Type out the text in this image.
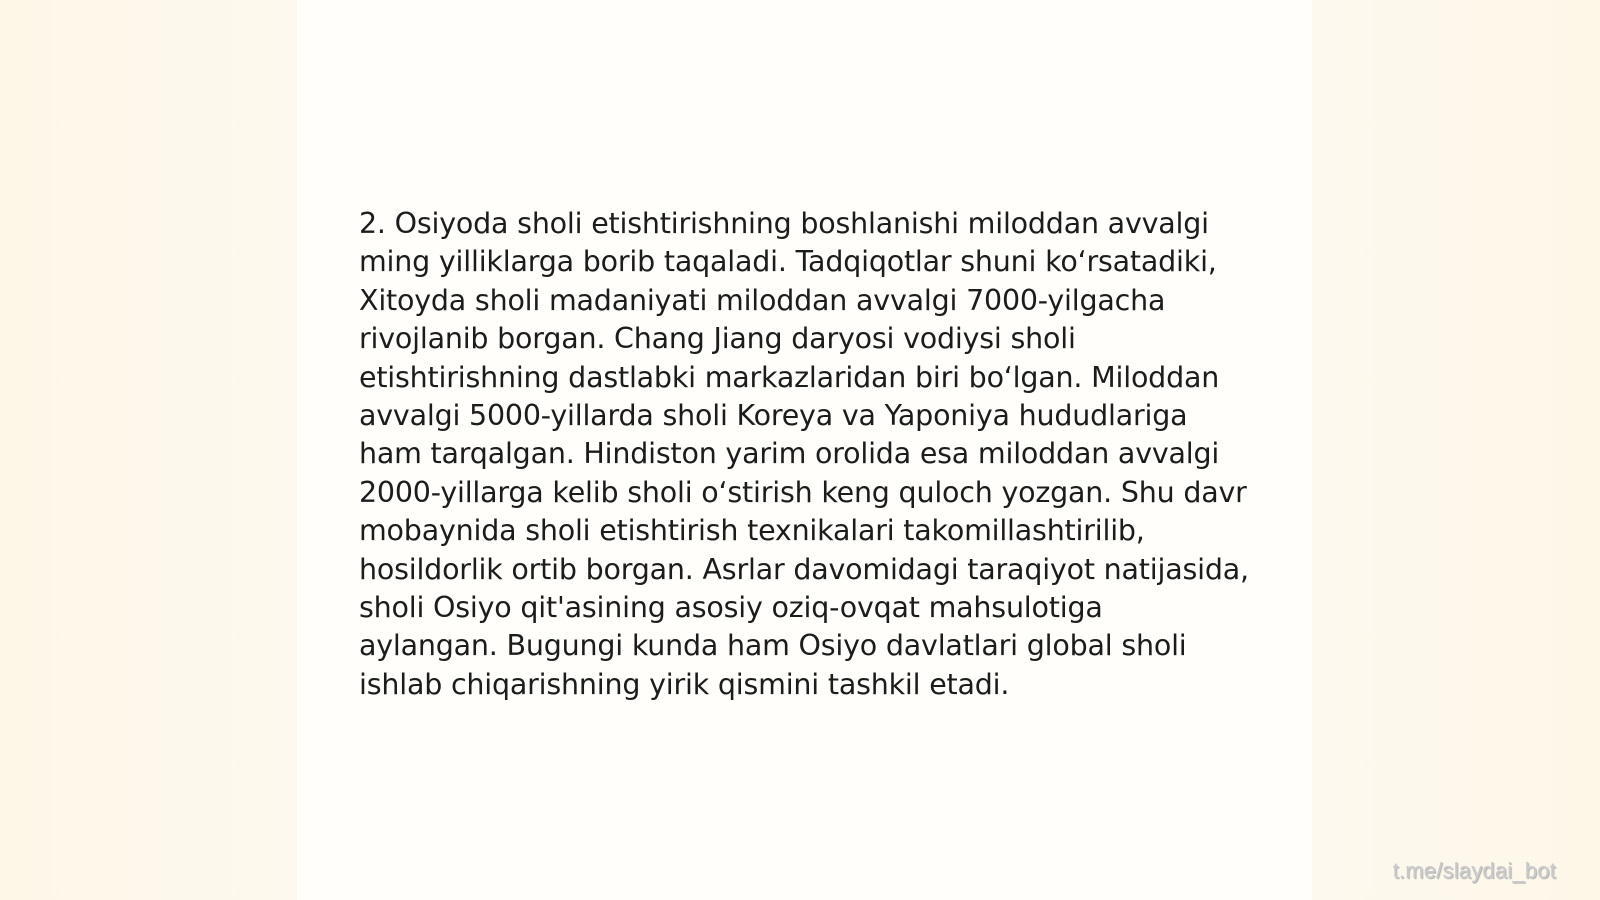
2. Osiyoda sholi etishtirishning boshlanishi miloddan avvalgi ming yilliklarga borib taqaladi. Tadqiqotlar shuni koʻrsatadiki, Xitoyda sholi madaniyati miloddan avvalgi 7000-yilgacha rivojlanib borgan. Chang Jiang daryosi vodiysi sholi etishtirishning dastlabki markazlaridan biri boʻlgan. Miloddan avvalgi 5000-yillarda sholi Koreya va Yaponiya hududlariga ham tarqalgan. Hindiston yarim orolida esa miloddan avvalgi 2000-yillarga kelib sholi oʻstirish keng quloch yozgan. Shu davr mobaynida sholi etishtirish texnikalari takomillashtirilib, hosildorlik ortib borgan. Asrlar davomidagi taraqiyot natijasida, sholi Osiyo qit'asining asosiy oziq-ovqat mahsulotiga aylangan. Bugungi kunda ham Osiyo davlatlari global sholi ishlab chiqarishning yirik qismini tashkil etadi.

t.me/slaydai_bot
